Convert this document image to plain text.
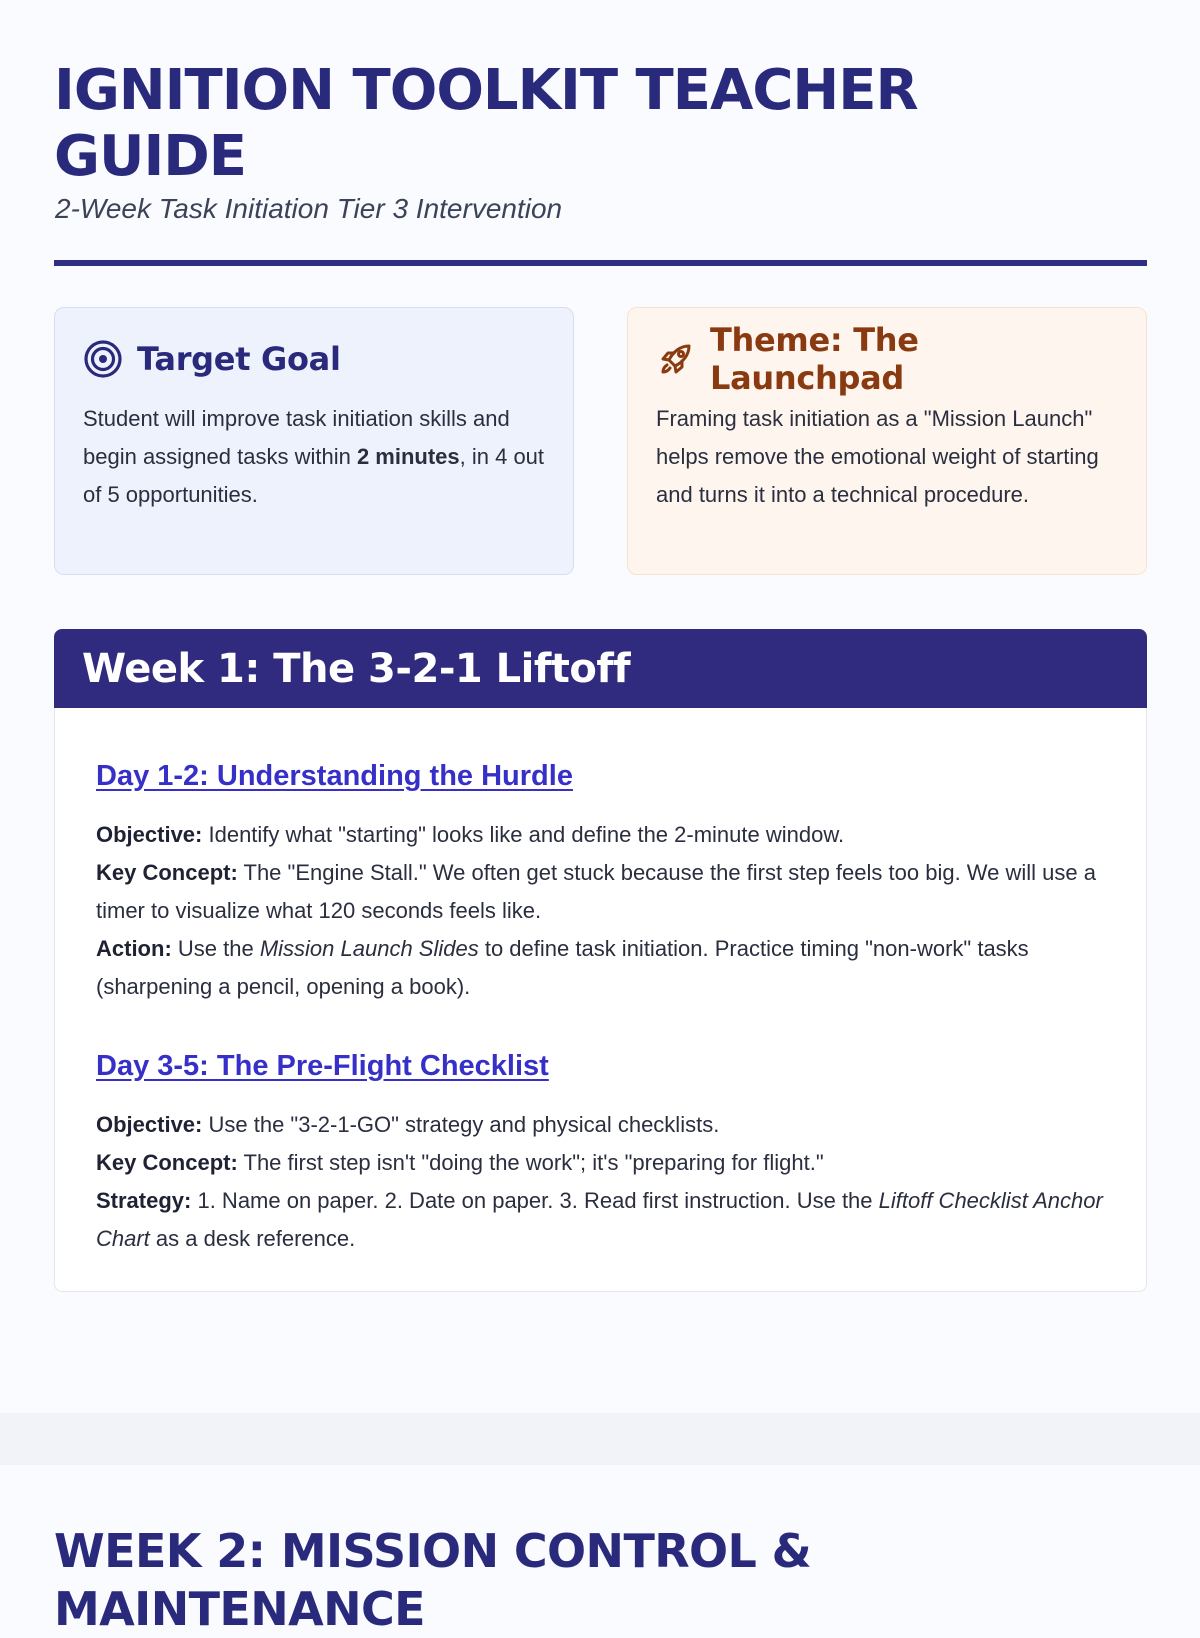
IGNITION TOOLKIT TEACHER GUIDE
2-Week Task Initiation Tier 3 Intervention
Target Goal

Student will improve task initiation skills and begin assigned tasks within 2 minutes, in 4 out of 5 opportunities.

Theme: The Launchpad

Framing task initiation as a "Mission Launch" helps remove the emotional weight of starting and turns it into a technical procedure.

Week 1: The 3-2-1 Liftoff
Day 1-2: Understanding the Hurdle
Objective: Identify what "starting" looks like and define the 2-minute window.
Key Concept: The "Engine Stall." We often get stuck because the first step feels too big. We will use a timer to visualize what 120 seconds feels like.
Action: Use the Mission Launch Slides to define task initiation. Practice timing "non-work" tasks (sharpening a pencil, opening a book).
Day 3-5: The Pre-Flight Checklist
Objective: Use the "3-2-1-GO" strategy and physical checklists.
Key Concept: The first step isn't "doing the work"; it's "preparing for flight."
Strategy: 1. Name on paper. 2. Date on paper. 3. Read first instruction. Use the Liftoff Checklist Anchor Chart as a desk reference.
WEEK 2: MISSION CONTROL & MAINTENANCE
